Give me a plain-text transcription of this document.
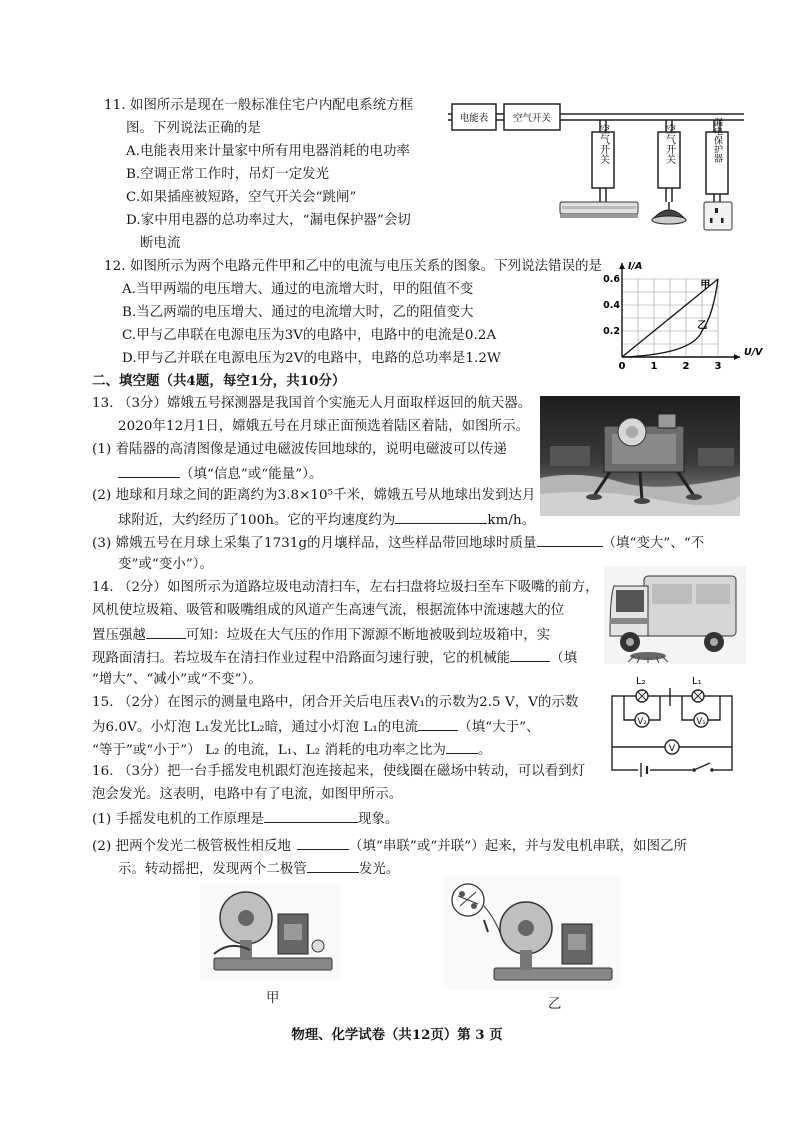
11. 如图所示是现在一般标准住宅户内配电系统方框
图。下列说法正确的是
A.电能表用来计量家中所有用电器消耗的电功率
B.空调正常工作时，吊灯一定发光
C.如果插座被短路，空气开关会“跳闸”
D.家中用电器的总功率过大，“漏电保护器”会切
断电流
电能表	空气开关
空气开关	空气开关	漏电保护器
12. 如图所示为两个电路元件甲和乙中的电流与电压关系的图象。下列说法错误的是
A.当甲两端的电压增大、通过的电流增大时，甲的阻值不变
B.当乙两端的电压增大、通过的电流增大时，乙的阻值变大
C.甲与乙串联在电源电压为3V的电路中，电路中的电流是0.2A
D.甲与乙并联在电源电压为2V的电路中，电路的总功率是1.2W
0	1	2	3
0.2
0.4
0.6
U/V
I/A
甲
乙
二、填空题（共4题，每空1分，共10分）
13. （3分）嫦娥五号探测器是我国首个实施无人月面取样返回的航天器。
2020年12月1日，嫦娥五号在月球正面预选着陆区着陆，如图所示。
(1) 着陆器的高清图像是通过电磁波传回地球的，说明电磁波可以传递
（填“信息”或“能量”）。
(2) 地球和月球之间的距离约为3.8×10⁵千米，嫦娥五号从地球出发到达月
球附近，大约经历了100h。它的平均速度约为	km/h。
(3) 嫦娥五号在月球上采集了1731g的月壤样品，这些样品带回地球时质量	（填“变大”、“不
变”或“变小”）。
14. （2分）如图所示为道路垃圾电动清扫车，左右扫盘将垃圾扫至车下吸嘴的前方，
风机使垃圾箱、吸管和吸嘴组成的风道产生高速气流，根据流体中流速越大的位
置压强越	可知：垃圾在大气压的作用下源源不断地被吸到垃圾箱中，实
现路面清扫。若垃圾车在清扫作业过程中沿路面匀速行驶，它的机械能	（填
“增大”、“减小”或“不变”）。
15. （2分）在图示的测量电路中，闭合开关后电压表V₁的示数为2.5 V，V的示数
为6.0V。小灯泡 L₁发光比L₂暗，通过小灯泡 L₁的电流	（填“大于”、
“等于”或“小于”） L₂ 的电流，L₁、L₂ 消耗的电功率之比为 。
L₂	L₁
V₂	V₁
V
16. （3分）把一台手摇发电机跟灯泡连接起来，使线圈在磁场中转动，可以看到灯
泡会发光。这表明，电路中有了电流，如图甲所示。
(1) 手摇发电机的工作原理是	现象。
(2) 把两个发光二极管极性相反地	（填“串联”或“并联”）起来，并与发电机串联，如图乙所
示。转动摇把，发现两个二极管	发光。
甲	乙
物理、化学试卷（共12页）第 3 页
